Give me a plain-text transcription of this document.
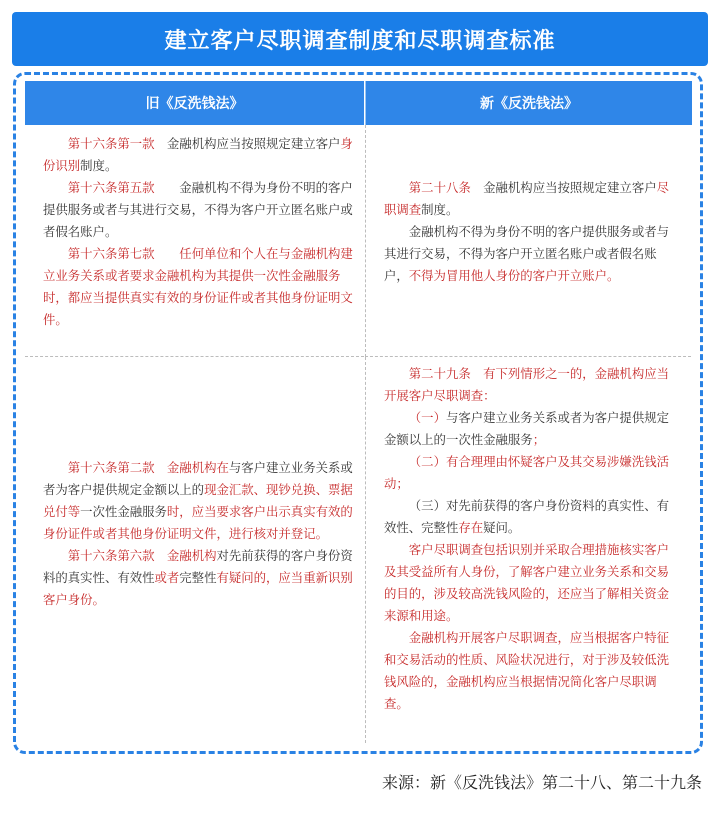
建立客户尽职调查制度和尽职调查标准
旧《反洗钱法》	新《反洗钱法》

第十六条第一款　金融机构应当按照规定建立客户身份识别制度。

第十六条第五款　　金融机构不得为身份不明的客户提供服务或者与其进行交易，不得为客户开立匿名账户或者假名账户。

第十六条第七款　　任何单位和个人在与金融机构建立业务关系或者要求金融机构为其提供一次性金融服务时，都应当提供真实有效的身份证件或者其他身份证明文件。

第二十八条　金融机构应当按照规定建立客户尽职调查制度。

金融机构不得为身份不明的客户提供服务或者与其进行交易，不得为客户开立匿名账户或者假名账户，不得为冒用他人身份的客户开立账户。

第十六条第二款　 金融机构在与客户建立业务关系或者为客户提供规定金额以上的现金汇款、现钞兑换、票据兑付等一次性金融服务时，应当要求客户出示真实有效的身份证件或者其他身份证明文件，进行核对并登记。

第十六条第六款　金融机构对先前获得的客户身份资料的真实性、有效性或者完整性有疑问的，应当重新识别客户身份。

第二十九条　有下列情形之一的，金融机构应当开展客户尽职调查：

（一）与客户建立业务关系或者为客户提供规定金额以上的一次性金融服务；

（二）有合理理由怀疑客户及其交易涉嫌洗钱活动；

（三）对先前获得的客户身份资料的真实性、有效性、完整性存在疑问。

客户尽职调查包括识别并采取合理措施核实客户及其受益所有人身份，了解客户建立业务关系和交易的目的，涉及较高洗钱风险的，还应当了解相关资金来源和用途。

金融机构开展客户尽职调查，应当根据客户特征和交易活动的性质、风险状况进行，对于涉及较低洗钱风险的，金融机构应当根据情况简化客户尽职调查。

来源：新《反洗钱法》第二十八、第二十九条
